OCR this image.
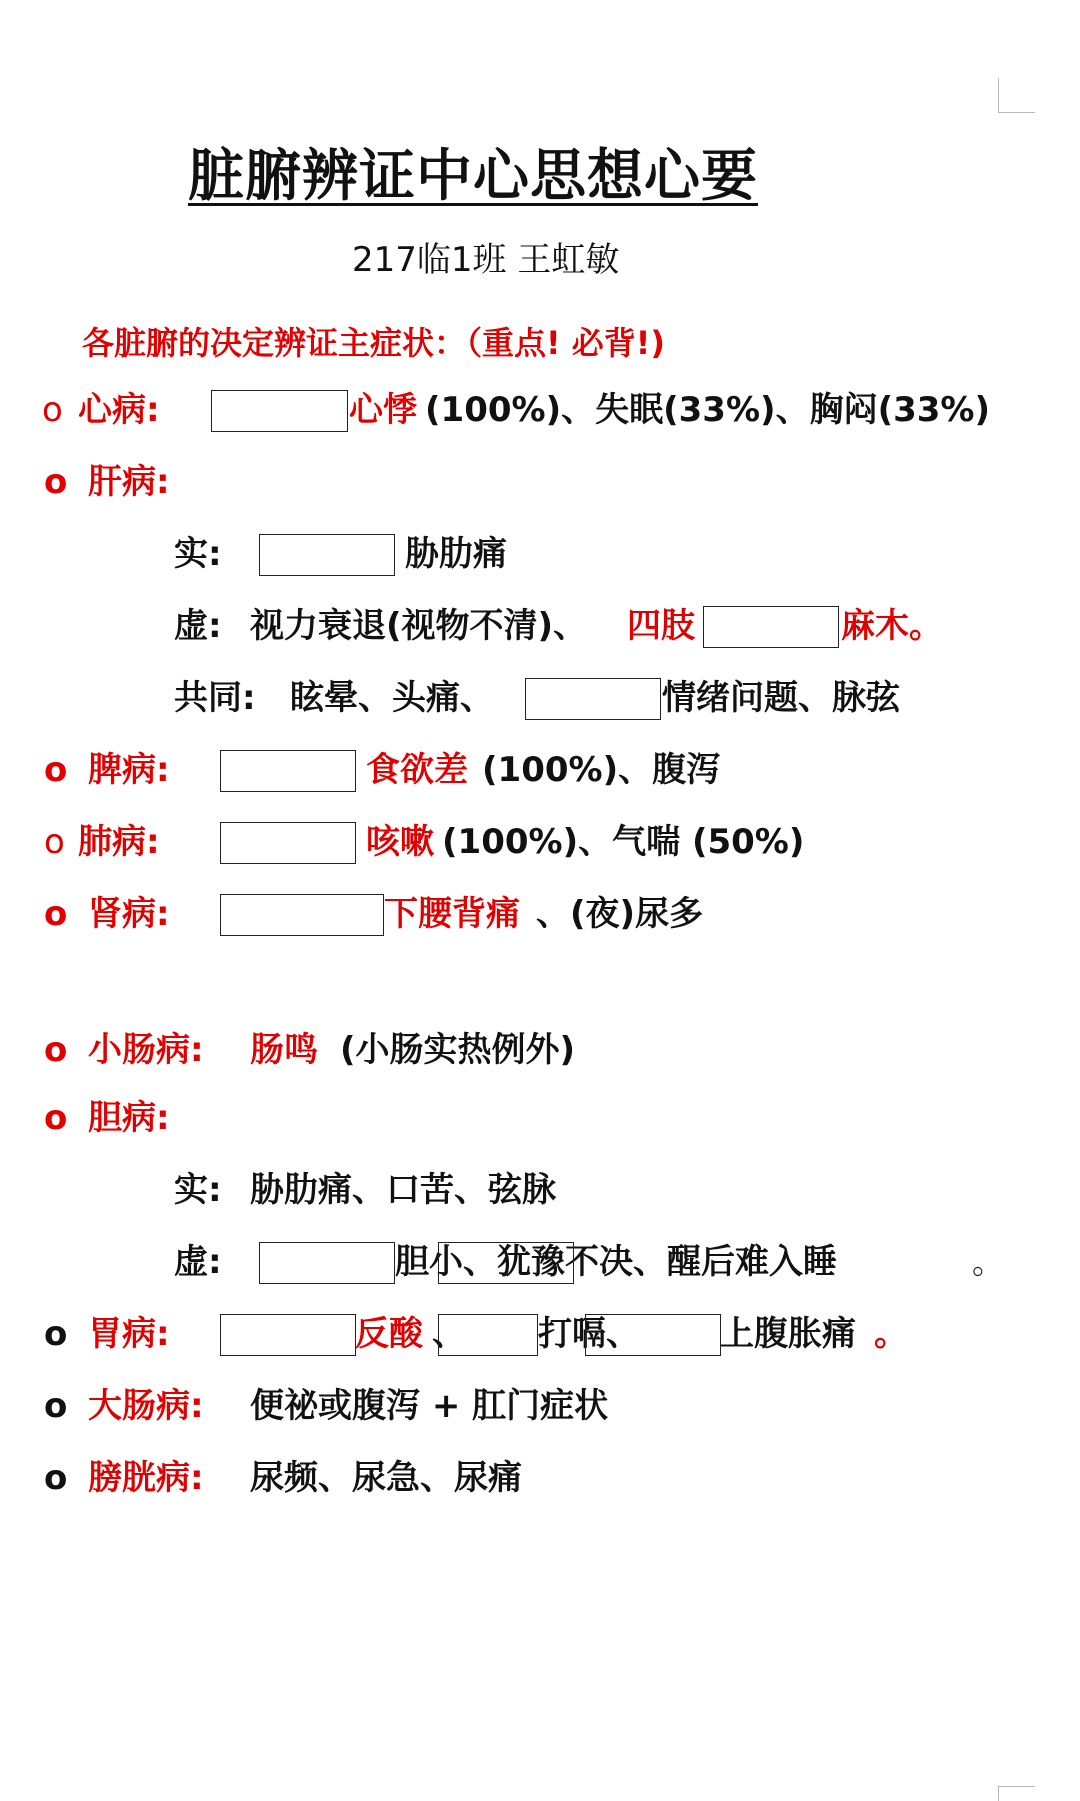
脏腑辨证中心思想心要
217临1班 王虹敏
各脏腑的决定辨证主症状：（重点! 必背!)
o 心病:	心悸 (100%)、失眠(33%)、胸闷(33%)
o 肝病:
实:	胁肋痛
虚: 视力衰退(视物不清)、 四肢	麻木。
共同: 眩晕、头痛、	情绪问题、脉弦
o 脾病:	食欲差 (100%)、腹泻
o 肺病:	咳嗽 (100%)、气喘 (50%)
o 肾病:	下腰背痛 、(夜)尿多
o 小肠病: 肠鸣 (小肠实热例外)
o 胆病:
实: 胁肋痛、口苦、弦脉
虚:	胆小、犹豫不决、醒后难入睡	。
o 胃病:	反酸 、 打嗝、 上腹胀痛 。
o 大肠病: 便祕或腹泻 + 肛门症状
o 膀胱病: 尿频、尿急、尿痛
